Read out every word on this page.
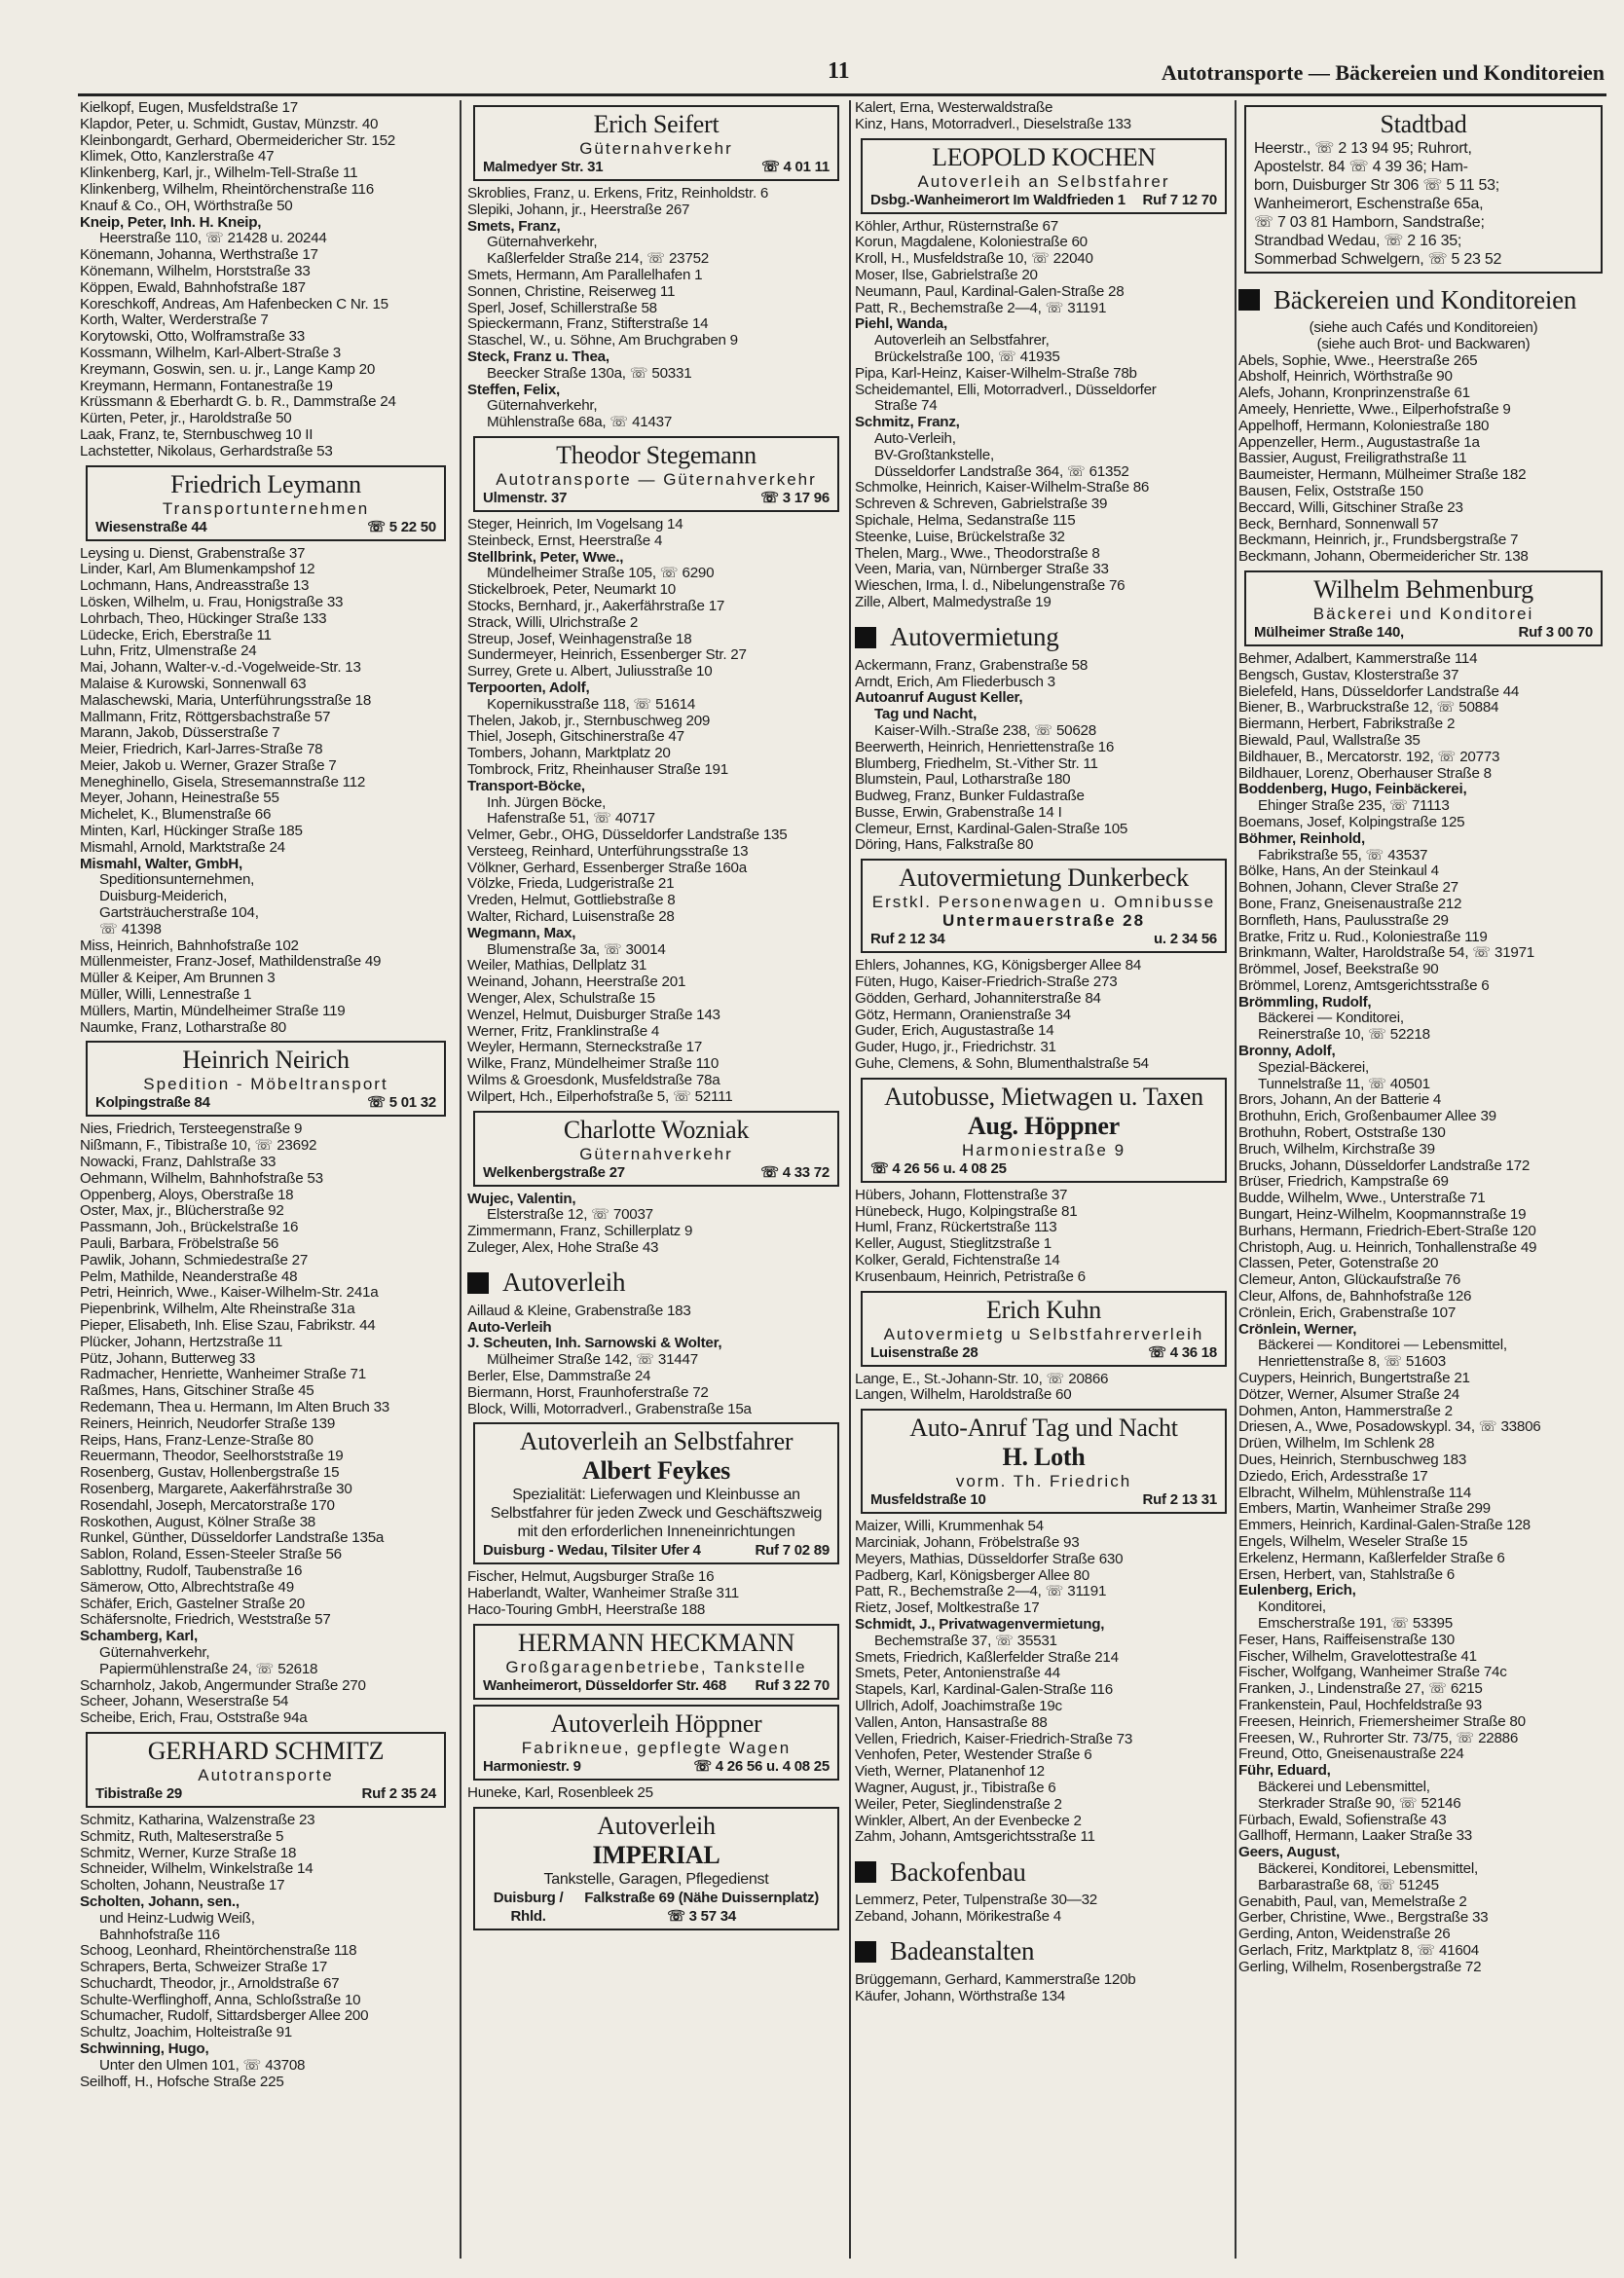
11	Autotransporte — Bäckereien und Konditoreien
Kielkopf, Eugen, Musfeldstraße 17
Klapdor, Peter, u. Schmidt, Gustav, Münzstr. 40
Kleinbongardt, Gerhard, Obermeidericher Str. 152
Klimek, Otto, Kanzlerstraße 47
Klinkenberg, Karl, jr., Wilhelm-Tell-Straße 11
Klinkenberg, Wilhelm, Rheintörchenstraße 116
Knauf & Co., OH, Wörthstraße 50
Kneip, Peter, Inh. H. Kneip,
Heerstraße 110, ☏ 21428 u. 20244
Könemann, Johanna, Werthstraße 17
Könemann, Wilhelm, Horststraße 33
Köppen, Ewald, Bahnhofstraße 187
Koreschkoff, Andreas, Am Hafenbecken C Nr. 15
Korth, Walter, Werderstraße 7
Korytowski, Otto, Wolframstraße 33
Kossmann, Wilhelm, Karl-Albert-Straße 3
Kreymann, Goswin, sen. u. jr., Lange Kamp 20
Kreymann, Hermann, Fontanestraße 19
Krüssmann & Eberhardt G. b. R., Dammstraße 24
Kürten, Peter, jr., Haroldstraße 50
Laak, Franz, te, Sternbuschweg 10 II
Lachstetter, Nikolaus, Gerhardstraße 53
Friedrich Leymann
Transportunternehmen
Wiesenstraße 44	☏ 5 22 50
Leysing u. Dienst, Grabenstraße 37
Linder, Karl, Am Blumenkampshof 12
Lochmann, Hans, Andreasstraße 13
Lösken, Wilhelm, u. Frau, Honigstraße 33
Lohrbach, Theo, Hückinger Straße 133
Lüdecke, Erich, Eberstraße 11
Luhn, Fritz, Ulmenstraße 24
Mai, Johann, Walter-v.-d.-Vogelweide-Str. 13
Malaise & Kurowski, Sonnenwall 63
Malaschewski, Maria, Unterführungsstraße 18
Mallmann, Fritz, Röttgersbachstraße 57
Marann, Jakob, Düsserstraße 7
Meier, Friedrich, Karl-Jarres-Straße 78
Meier, Jakob u. Werner, Grazer Straße 7
Meneghinello, Gisela, Stresemannstraße 112
Meyer, Johann, Heinestraße 55
Michelet, K., Blumenstraße 66
Minten, Karl, Hückinger Straße 185
Mismahl, Arnold, Marktstraße 24
Mismahl, Walter, GmbH,
Speditionsunternehmen,
Duisburg-Meiderich,
Gartsträucherstraße 104,
☏ 41398
Miss, Heinrich, Bahnhofstraße 102
Müllenmeister, Franz-Josef, Mathildenstraße 49
Müller & Keiper, Am Brunnen 3
Müller, Willi, Lennestraße 1
Müllers, Martin, Mündelheimer Straße 119
Naumke, Franz, Lotharstraße 80
Heinrich Neirich
Spedition - Möbeltransport
Kolpingstraße 84	☏ 5 01 32
Nies, Friedrich, Tersteegenstraße 9
Nißmann, F., Tibistraße 10, ☏ 23692
Nowacki, Franz, Dahlstraße 33
Oehmann, Wilhelm, Bahnhofstraße 53
Oppenberg, Aloys, Oberstraße 18
Oster, Max, jr., Blücherstraße 92
Passmann, Joh., Brückelstraße 16
Pauli, Barbara, Fröbelstraße 56
Pawlik, Johann, Schmiedestraße 27
Pelm, Mathilde, Neanderstraße 48
Petri, Heinrich, Wwe., Kaiser-Wilhelm-Str. 241a
Piepenbrink, Wilhelm, Alte Rheinstraße 31a
Pieper, Elisabeth, Inh. Elise Szau, Fabrikstr. 44
Plücker, Johann, Hertzstraße 11
Pütz, Johann, Butterweg 33
Radmacher, Henriette, Wanheimer Straße 71
Raßmes, Hans, Gitschiner Straße 45
Redemann, Thea u. Hermann, Im Alten Bruch 33
Reiners, Heinrich, Neudorfer Straße 139
Reips, Hans, Franz-Lenze-Straße 80
Reuermann, Theodor, Seelhorststraße 19
Rosenberg, Gustav, Hollenbergstraße 15
Rosenberg, Margarete, Aakerfährstraße 30
Rosendahl, Joseph, Mercatorstraße 170
Roskothen, August, Kölner Straße 38
Runkel, Günther, Düsseldorfer Landstraße 135a
Sablon, Roland, Essen-Steeler Straße 56
Sablottny, Rudolf, Taubenstraße 16
Sämerow, Otto, Albrechtstraße 49
Schäfer, Erich, Gastelner Straße 20
Schäfersnolte, Friedrich, Weststraße 57
Schamberg, Karl,
Güternahverkehr,
Papiermühlenstraße 24, ☏ 52618
Scharnholz, Jakob, Angermunder Straße 270
Scheer, Johann, Weserstraße 54
Scheibe, Erich, Frau, Oststraße 94a
GERHARD SCHMITZ
Autotransporte
Tibistraße 29	Ruf 2 35 24
Schmitz, Katharina, Walzenstraße 23
Schmitz, Ruth, Malteserstraße 5
Schmitz, Werner, Kurze Straße 18
Schneider, Wilhelm, Winkelstraße 14
Scholten, Johann, Neustraße 17
Scholten, Johann, sen.,
und Heinz-Ludwig Weiß,
Bahnhofstraße 116
Schoog, Leonhard, Rheintörchenstraße 118
Schrapers, Berta, Schweizer Straße 17
Schuchardt, Theodor, jr., Arnoldstraße 67
Schulte-Werflinghoff, Anna, Schloßstraße 10
Schumacher, Rudolf, Sittardsberger Allee 200
Schultz, Joachim, Holteistraße 91
Schwinning, Hugo,
Unter den Ulmen 101, ☏ 43708
Seilhoff, H., Hofsche Straße 225
Erich Seifert
Güternahverkehr
Malmedyer Str. 31	☏ 4 01 11
Skroblies, Franz, u. Erkens, Fritz, Reinholdstr. 6
Slepiki, Johann, jr., Heerstraße 267
Smets, Franz,
Güternahverkehr,
Kaßlerfelder Straße 214, ☏ 23752
Smets, Hermann, Am Parallelhafen 1
Sonnen, Christine, Reiserweg 11
Sperl, Josef, Schillerstraße 58
Spieckermann, Franz, Stifterstraße 14
Staschel, W., u. Söhne, Am Bruchgraben 9
Steck, Franz u. Thea,
Beecker Straße 130a, ☏ 50331
Steffen, Felix,
Güternahverkehr,
Mühlenstraße 68a, ☏ 41437
Theodor Stegemann
Autotransporte — Güternahverkehr
Ulmenstr. 37	☏ 3 17 96
Steger, Heinrich, Im Vogelsang 14
Steinbeck, Ernst, Heerstraße 4
Stellbrink, Peter, Wwe.,
Mündelheimer Straße 105, ☏ 6290
Stickelbroek, Peter, Neumarkt 10
Stocks, Bernhard, jr., Aakerfährstraße 17
Strack, Willi, Ulrichstraße 2
Streup, Josef, Weinhagenstraße 18
Sundermeyer, Heinrich, Essenberger Str. 27
Surrey, Grete u. Albert, Juliusstraße 10
Terpoorten, Adolf,
Kopernikusstraße 118, ☏ 51614
Thelen, Jakob, jr., Sternbuschweg 209
Thiel, Joseph, Gitschinerstraße 47
Tombers, Johann, Marktplatz 20
Tombrock, Fritz, Rheinhauser Straße 191
Transport-Böcke,
Inh. Jürgen Böcke,
Hafenstraße 51, ☏ 40717
Velmer, Gebr., OHG, Düsseldorfer Landstraße 135
Versteeg, Reinhard, Unterführungsstraße 13
Völkner, Gerhard, Essenberger Straße 160a
Völzke, Frieda, Ludgeristraße 21
Vreden, Helmut, Gottliebstraße 8
Walter, Richard, Luisenstraße 28
Wegmann, Max,
Blumenstraße 3a, ☏ 30014
Weiler, Mathias, Dellplatz 31
Weinand, Johann, Heerstraße 201
Wenger, Alex, Schulstraße 15
Wenzel, Helmut, Duisburger Straße 143
Werner, Fritz, Franklinstraße 4
Weyler, Hermann, Sterneckstraße 17
Wilke, Franz, Mündelheimer Straße 110
Wilms & Groesdonk, Musfeldstraße 78a
Wilpert, Hch., Eilperhofstraße 5, ☏ 52111
Charlotte Wozniak
Güternahverkehr
Welkenbergstraße 27	☏ 4 33 72
Wujec, Valentin,
Elsterstraße 12, ☏ 70037
Zimmermann, Franz, Schillerplatz 9
Zuleger, Alex, Hohe Straße 43
Autoverleih
Aillaud & Kleine, Grabenstraße 183
Auto-Verleih
J. Scheuten, Inh. Sarnowski & Wolter,
Mülheimer Straße 142, ☏ 31447
Berler, Else, Dammstraße 24
Biermann, Horst, Fraunhoferstraße 72
Block, Willi, Motorradverl., Grabenstraße 15a
Autoverleih an Selbstfahrer
Albert Feykes
Spezialität: Lieferwagen und Kleinbusse an Selbstfahrer für jeden Zweck und Geschäftszweig mit den erforderlichen Inneneinrichtungen
Duisburg - Wedau, Tilsiter Ufer 4	Ruf 7 02 89
Fischer, Helmut, Augsburger Straße 16
Haberlandt, Walter, Wanheimer Straße 311
Haco-Touring GmbH, Heerstraße 188
HERMANN HECKMANN
Großgaragenbetriebe, Tankstelle
Wanheimerort, Düsseldorfer Str. 468 Ruf 3 22 70
Autoverleih Höppner
Fabrikneue, gepflegte Wagen
Harmoniestr. 9	☏ 4 26 56 u. 4 08 25
Huneke, Karl, Rosenbleek 25
Autoverleih
IMPERIAL
Tankstelle, Garagen, Pflegedienst
Duisburg / Rhld.
Falkstraße 69 (Nähe Duissernplatz) ☏ 3 57 34
Kalert, Erna, Westerwaldstraße
Kinz, Hans, Motorradverl., Dieselstraße 133
LEOPOLD KOCHEN
Autoverleih an Selbstfahrer
Dsbg.-Wanheimerort Im Waldfrieden 1 Ruf 7 12 70
Köhler, Arthur, Rüsternstraße 67
Korun, Magdalene, Koloniestraße 60
Kroll, H., Musfeldstraße 10, ☏ 22040
Moser, Ilse, Gabrielstraße 20
Neumann, Paul, Kardinal-Galen-Straße 28
Patt, R., Bechemstraße 2—4, ☏ 31191
Piehl, Wanda,
Autoverleih an Selbstfahrer,
Brückelstraße 100, ☏ 41935
Pipa, Karl-Heinz, Kaiser-Wilhelm-Straße 78b
Scheidemantel, Elli, Motorradverl., Düsseldorfer
Straße 74
Schmitz, Franz,
Auto-Verleih,
BV-Großtankstelle,
Düsseldorfer Landstraße 364, ☏ 61352
Schmolke, Heinrich, Kaiser-Wilhelm-Straße 86
Schreven & Schreven, Gabrielstraße 39
Spichale, Helma, Sedanstraße 115
Steenke, Luise, Brückelstraße 32
Thelen, Marg., Wwe., Theodorstraße 8
Veen, Maria, van, Nürnberger Straße 33
Wieschen, Irma, l. d., Nibelungenstraße 76
Zille, Albert, Malmedystraße 19
Autovermietung
Ackermann, Franz, Grabenstraße 58
Arndt, Erich, Am Fliederbusch 3
Autoanruf August Keller,
Tag und Nacht,
Kaiser-Wilh.-Straße 238, ☏ 50628
Beerwerth, Heinrich, Henriettenstraße 16
Blumberg, Friedhelm, St.-Vither Str. 11
Blumstein, Paul, Lotharstraße 180
Budweg, Franz, Bunker Fuldastraße
Busse, Erwin, Grabenstraße 14 I
Clemeur, Ernst, Kardinal-Galen-Straße 105
Döring, Hans, Falkstraße 80
Autovermietung Dunkerbeck
Erstkl. Personenwagen u. Omnibusse
Untermauerstraße 28
Ruf 2 12 34	u. 2 34 56
Ehlers, Johannes, KG, Königsberger Allee 84
Füten, Hugo, Kaiser-Friedrich-Straße 273
Gödden, Gerhard, Johanniterstraße 84
Götz, Hermann, Oranienstraße 34
Guder, Erich, Augustastraße 14
Guder, Hugo, jr., Friedrichstr. 31
Guhe, Clemens, & Sohn, Blumenthalstraße 54
Autobusse, Mietwagen u. Taxen
Aug. Höppner
Harmoniestraße 9
☏ 4 26 56 u. 4 08 25
Hübers, Johann, Flottenstraße 37
Hünebeck, Hugo, Kolpingstraße 81
Huml, Franz, Rückertstraße 113
Keller, August, Stieglitzstraße 1
Kolker, Gerald, Fichtenstraße 14
Krusenbaum, Heinrich, Petristraße 6
Erich Kuhn
Autovermietg u Selbstfahrerverleih
Luisenstraße 28	☏ 4 36 18
Lange, E., St.-Johann-Str. 10, ☏ 20866
Langen, Wilhelm, Haroldstraße 60
Auto-Anruf Tag und Nacht
H. Loth
vorm. Th. Friedrich
Musfeldstraße 10	Ruf 2 13 31
Maizer, Willi, Krummenhak 54
Marciniak, Johann, Fröbelstraße 93
Meyers, Mathias, Düsseldorfer Straße 630
Padberg, Karl, Königsberger Allee 80
Patt, R., Bechemstraße 2—4, ☏ 31191
Rietz, Josef, Moltkestraße 17
Schmidt, J., Privatwagenvermietung,
Bechemstraße 37, ☏ 35531
Smets, Friedrich, Kaßlerfelder Straße 214
Smets, Peter, Antonienstraße 44
Stapels, Karl, Kardinal-Galen-Straße 116
Ullrich, Adolf, Joachimstraße 19c
Vallen, Anton, Hansastraße 88
Vellen, Friedrich, Kaiser-Friedrich-Straße 73
Venhofen, Peter, Westender Straße 6
Vieth, Werner, Platanenhof 12
Wagner, August, jr., Tibistraße 6
Weiler, Peter, Sieglindenstraße 2
Winkler, Albert, An der Evenbecke 2
Zahm, Johann, Amtsgerichtsstraße 11
Backofenbau
Lemmerz, Peter, Tulpenstraße 30—32
Zeband, Johann, Mörikestraße 4
Badeanstalten
Brüggemann, Gerhard, Kammerstraße 120b
Käufer, Johann, Wörthstraße 134
Stadtbad
Heerstr., ☏ 2 13 94 95; Ruhrort,
Apostelstr. 84 ☏ 4 39 36; Ham-
born, Duisburger Str 306 ☏ 5 11 53;
Wanheimerort, Eschenstraße 65a,
☏ 7 03 81 Hamborn, Sandstraße;
Strandbad Wedau, ☏ 2 16 35;
Sommerbad Schwelgern, ☏ 5 23 52
Bäckereien und Konditoreien
(siehe auch Cafés und Konditoreien)
(siehe auch Brot- und Backwaren)
Abels, Sophie, Wwe., Heerstraße 265
Absholf, Heinrich, Wörthstraße 90
Alefs, Johann, Kronprinzenstraße 61
Ameely, Henriette, Wwe., Eilperhofstraße 9
Appelhoff, Hermann, Koloniestraße 180
Appenzeller, Herm., Augustastraße 1a
Bassier, August, Freiligrathstraße 11
Baumeister, Hermann, Mülheimer Straße 182
Bausen, Felix, Oststraße 150
Beccard, Willi, Gitschiner Straße 23
Beck, Bernhard, Sonnenwall 57
Beckmann, Heinrich, jr., Frundsbergstraße 7
Beckmann, Johann, Obermeidericher Str. 138
Wilhelm Behmenburg
Bäckerei und Konditorei
Mülheimer Straße 140,	Ruf 3 00 70
Behmer, Adalbert, Kammerstraße 114
Bengsch, Gustav, Klosterstraße 37
Bielefeld, Hans, Düsseldorfer Landstraße 44
Biener, B., Warbruckstraße 12, ☏ 50884
Biermann, Herbert, Fabrikstraße 2
Biewald, Paul, Wallstraße 35
Bildhauer, B., Mercatorstr. 192, ☏ 20773
Bildhauer, Lorenz, Oberhauser Straße 8
Boddenberg, Hugo, Feinbäckerei,
Ehinger Straße 235, ☏ 71113
Boemans, Josef, Kolpingstraße 125
Böhmer, Reinhold,
Fabrikstraße 55, ☏ 43537
Bölke, Hans, An der Steinkaul 4
Bohnen, Johann, Clever Straße 27
Bone, Franz, Gneisenaustraße 212
Bornfleth, Hans, Paulusstraße 29
Bratke, Fritz u. Rud., Koloniestraße 119
Brinkmann, Walter, Haroldstraße 54, ☏ 31971
Brömmel, Josef, Beekstraße 90
Brömmel, Lorenz, Amtsgerichtsstraße 6
Brömmling, Rudolf,
Bäckerei — Konditorei,
Reinerstraße 10, ☏ 52218
Bronny, Adolf,
Spezial-Bäckerei,
Tunnelstraße 11, ☏ 40501
Brors, Johann, An der Batterie 4
Brothuhn, Erich, Großenbaumer Allee 39
Brothuhn, Robert, Oststraße 130
Bruch, Wilhelm, Kirchstraße 39
Brucks, Johann, Düsseldorfer Landstraße 172
Brüser, Friedrich, Kampstraße 69
Budde, Wilhelm, Wwe., Unterstraße 71
Bungart, Heinz-Wilhelm, Koopmannstraße 19
Burhans, Hermann, Friedrich-Ebert-Straße 120
Christoph, Aug. u. Heinrich, Tonhallenstraße 49
Classen, Peter, Gotenstraße 20
Clemeur, Anton, Glückaufstraße 76
Cleur, Alfons, de, Bahnhofstraße 126
Crönlein, Erich, Grabenstraße 107
Crönlein, Werner,
Bäckerei — Konditorei — Lebensmittel,
Henriettenstraße 8, ☏ 51603
Cuypers, Heinrich, Bungertstraße 21
Dötzer, Werner, Alsumer Straße 24
Dohmen, Anton, Hammerstraße 2
Driesen, A., Wwe, Posadowskypl. 34, ☏ 33806
Drüen, Wilhelm, Im Schlenk 28
Dues, Heinrich, Sternbuschweg 183
Dziedo, Erich, Ardesstraße 17
Elbracht, Wilhelm, Mühlenstraße 114
Embers, Martin, Wanheimer Straße 299
Emmers, Heinrich, Kardinal-Galen-Straße 128
Engels, Wilhelm, Weseler Straße 15
Erkelenz, Hermann, Kaßlerfelder Straße 6
Ersen, Herbert, van, Stahlstraße 6
Eulenberg, Erich,
Konditorei,
Emscherstraße 191, ☏ 53395
Feser, Hans, Raiffeisenstraße 130
Fischer, Wilhelm, Gravelottestraße 41
Fischer, Wolfgang, Wanheimer Straße 74c
Franken, J., Lindenstraße 27, ☏ 6215
Frankenstein, Paul, Hochfeldstraße 93
Freesen, Heinrich, Friemersheimer Straße 80
Freesen, W., Ruhrorter Str. 73/75, ☏ 22886
Freund, Otto, Gneisenaustraße 224
Führ, Eduard,
Bäckerei und Lebensmittel,
Sterkrader Straße 90, ☏ 52146
Fürbach, Ewald, Sofienstraße 43
Gallhoff, Hermann, Laaker Straße 33
Geers, August,
Bäckerei, Konditorei, Lebensmittel,
Barbarastraße 68, ☏ 51245
Genabith, Paul, van, Memelstraße 2
Gerber, Christine, Wwe., Bergstraße 33
Gerding, Anton, Weidenstraße 26
Gerlach, Fritz, Marktplatz 8, ☏ 41604
Gerling, Wilhelm, Rosenbergstraße 72
